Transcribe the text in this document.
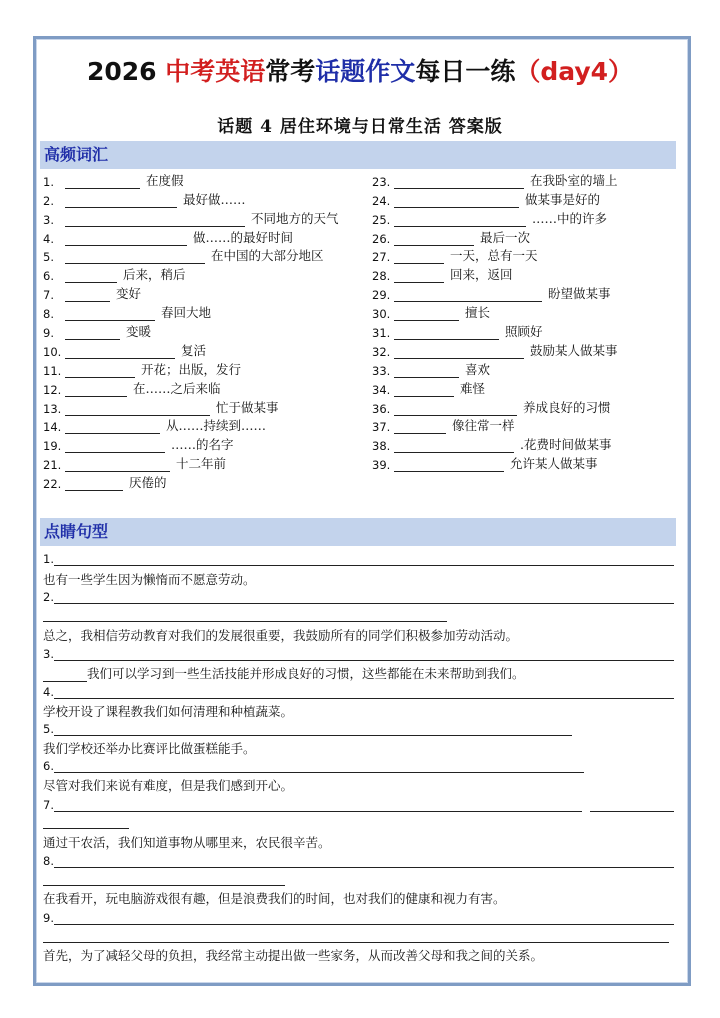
2026 中考英语常考话题作文每日一练（day4）
话题 4 居住环境与日常生活 答案版
高频词汇
1.	在度假
2.	最好做……
3.	不同地方的天气
4.	做……的最好时间
5.	在中国的大部分地区
6.	后来，稍后
7.	变好
8.	春回大地
9.	变暖
10.	复活
11.	开花；出版，发行
12.	在……之后来临
13.	忙于做某事
14.	从……持续到……
19.	……的名字
21.	十二年前
22.	厌倦的
23.	在我卧室的墙上
24.	做某事是好的
25.	……中的许多
26.	最后一次
27.	一天，总有一天
28.	回来，返回
29.	盼望做某事
30.	擅长
31.	照顾好
32.	鼓励某人做某事
33.	喜欢
34.	难怪
36.	养成良好的习惯
37.	像往常一样
38.	.花费时间做某事
39.	允许某人做某事
点睛句型
1.
也有一些学生因为懒惰而不愿意劳动。
2.
总之，我相信劳动教育对我们的发展很重要，我鼓励所有的同学们积极参加劳动活动。
3.
我们可以学习到一些生活技能并形成良好的习惯，这些都能在未来帮助到我们。
4.
学校开设了课程教我们如何清理和种植蔬菜。
5.
我们学校还举办比赛评比做蛋糕能手。
6.
尽管对我们来说有难度，但是我们感到开心。
7.
通过干农活，我们知道事物从哪里来，农民很辛苦。
8.
在我看开，玩电脑游戏很有趣，但是浪费我们的时间，也对我们的健康和视力有害。
9.
首先，为了减轻父母的负担，我经常主动提出做一些家务，从而改善父母和我之间的关系。
